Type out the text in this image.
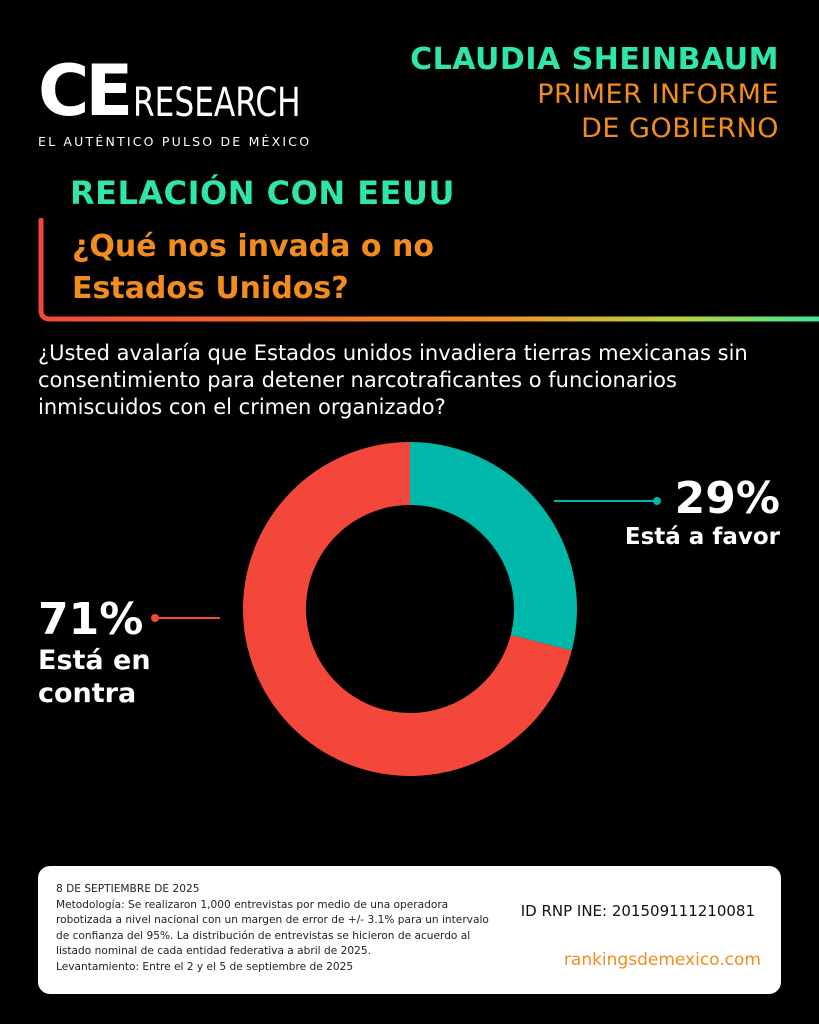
CE RESEARCH
EL AUTÉNTICO PULSO DE MÉXICO
CLAUDIA SHEINBAUM
PRIMER INFORME
DE GOBIERNO
RELACIÓN CON EEUU
¿Qué nos invada o no
Estados Unidos?
¿Usted avalaría que Estados unidos invadiera tierras mexicanas sin consentimiento para detener narcotraficantes o funcionarios inmiscuidos con el crimen organizado?
29%
Está a favor
71%
Está en
contra
8 DE SEPTIEMBRE DE 2025
Metodología: Se realizaron 1,000 entrevistas por medio de una operadora robotizada a nivel nacional con un margen de error de +/- 3.1% para un intervalo de confianza del 95%. La distribución de entrevistas se hicieron de acuerdo al listado nominal de cada entidad federativa a abril de 2025.
Levantamiento: Entre el 2 y el 5 de septiembre de 2025
ID RNP INE: 201509111210081
rankingsdemexico.com
